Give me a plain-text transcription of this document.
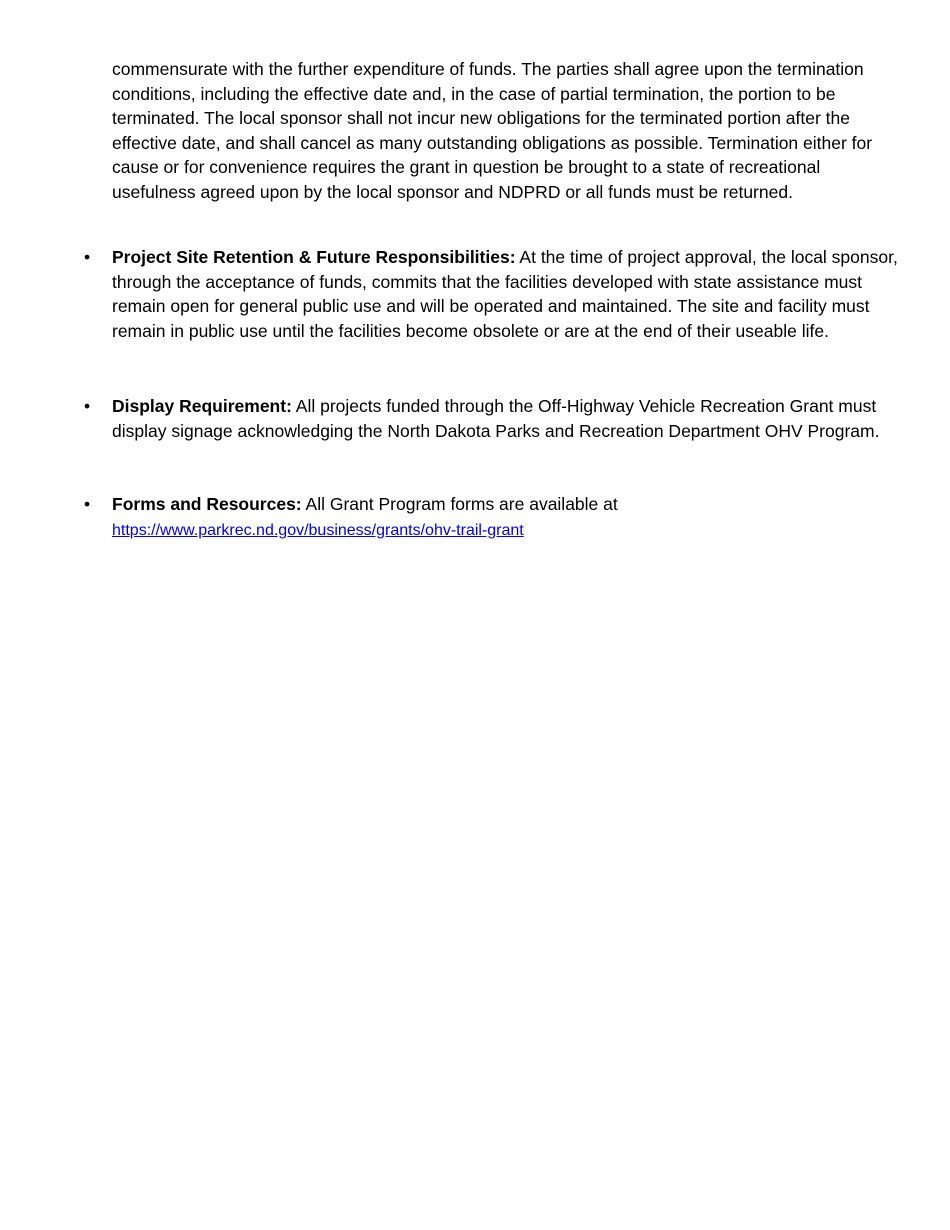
commensurate with the further expenditure of funds. The parties shall agree upon the termination conditions, including the effective date and, in the case of partial termination, the portion to be terminated. The local sponsor shall not incur new obligations for the terminated portion after the effective date, and shall cancel as many outstanding obligations as possible. Termination either for cause or for convenience requires the grant in question be brought to a state of recreational usefulness agreed upon by the local sponsor and NDPRD or all funds must be returned.

• Project Site Retention & Future Responsibilities: At the time of project approval, the local sponsor, through the acceptance of funds, commits that the facilities developed with state assistance must remain open for general public use and will be operated and maintained. The site and facility must remain in public use until the facilities become obsolete or are at the end of their useable life.

• Display Requirement: All projects funded through the Off-Highway Vehicle Recreation Grant must display signage acknowledging the North Dakota Parks and Recreation Department OHV Program.

• Forms and Resources: All Grant Program forms are available at
https://www.parkrec.nd.gov/business/grants/ohv-trail-grant
